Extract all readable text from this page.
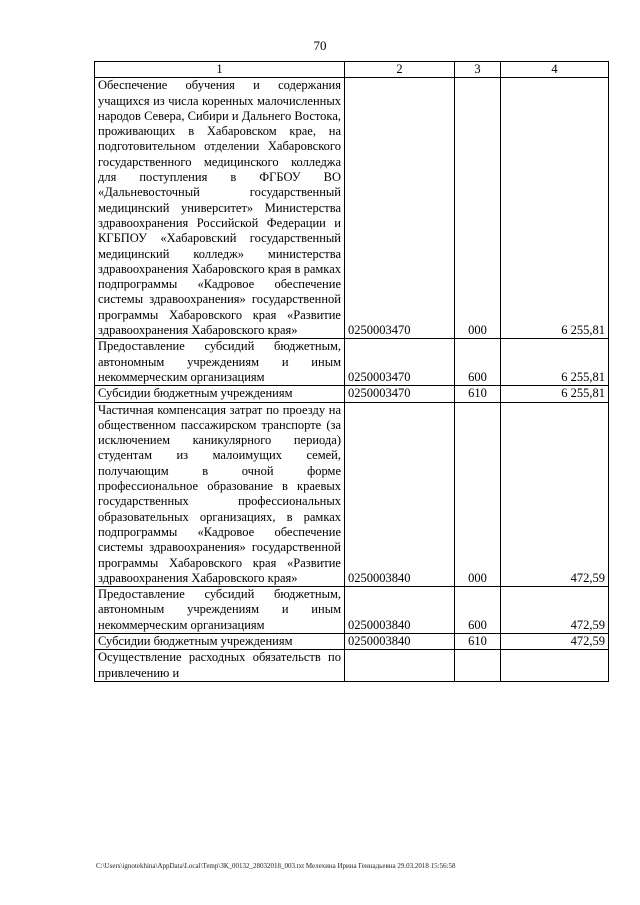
70
1	2	3	4
Обеспечение обучения и содержания учащихся из числа коренных малочисленных народов Севера, Сибири и Дальнего Востока, проживающих в Хабаровском крае, на подготовительном отделении Хабаровского государственного медицинского колледжа для поступления в ФГБОУ ВО «Дальневосточный государственный медицинский университет» Министерства здравоохранения Российской Федерации и КГБПОУ «Хабаровский государственный медицинский колледж» министерства здравоохранения Хабаровского края в рамках подпрограммы «Кадровое обеспечение системы здравоохранения» государственной программы Хабаровского края «Развитие здравоохранения Хабаровского края»	0250003470	000	6 255,81
Предоставление субсидий бюджетным, автономным учреждениям и иным некоммерческим организациям	0250003470	600	6 255,81
Субсидии бюджетным учреждениям	0250003470	610	6 255,81
Частичная компенсация затрат по проезду на общественном пассажирском транспорте (за исключением каникулярного периода) студентам из малоимущих семей, получающим в очной форме профессиональное образование в краевых государственных профессиональных образовательных организациях, в рамках подпрограммы «Кадровое обеспечение системы здравоохранения» государственной программы Хабаровского края «Развитие здравоохранения Хабаровского края»	0250003840	000	472,59
Предоставление субсидий бюджетным, автономным учреждениям и иным некоммерческим организациям	0250003840	600	472,59
Субсидии бюджетным учреждениям	0250003840	610	472,59
Осуществление расходных обязательств по привлечению и			
C:\Users\ignotekhina\AppData\Local\Temp\ЗК_00132_28032018_003.txt Мелехина Ирина Геннадьевна 29.03.2018 15:56:58
